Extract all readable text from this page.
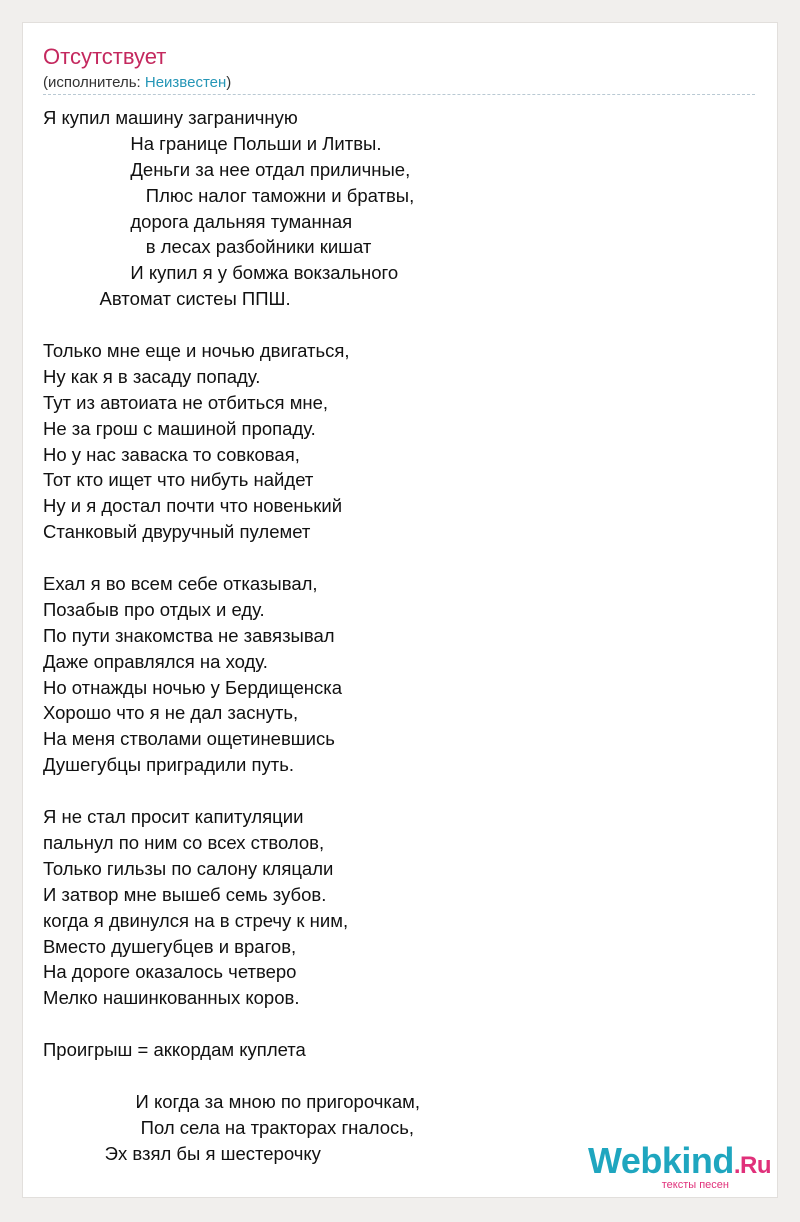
Отсутствует
(исполнитель: Неизвестен)
Я купил машину заграничную
На границе Польши и Литвы.
Деньги за нее отдал приличные,
Плюс налог таможни и братвы,
дорога дальняя туманная
в лесах разбойники кишат
И купил я у бомжа вокзального
Автомат систеы ППШ.
Только мне еще и ночью двигаться,
Ну как я в засаду попаду.
Тут из автоиата не отбиться мне,
Не за грош с машиной пропаду.
Но у нас заваска то совковая,
Тот кто ищет что нибуть найдет
Ну и я достал почти что новенький
Станковый двуручный пулемет
Ехал я во всем себе отказывал,
Позабыв про отдых и еду.
По пути знакомства не завязывал
Даже оправлялся на ходу.
Но отнажды ночью у Бердищенска
Хорошо что я не дал заснуть,
На меня стволами ощетиневшись
Душегубцы приградили путь.
Я не стал просит капитуляции
пальнул по ним со всех стволов,
Только гильзы по салону кляцали
И затвор мне вышеб семь зубов.
когда я двинулся на в стречу к ним,
Вместо душегубцев и врагов,
На дороге оказалось четверо
Мелко нашинкованных коров.
Проигрыш = аккордам куплета
И когда за мною по пригорочкам,
Пол села на тракторах гналось,
Эх взял бы я шестерочку	Webkind.Ru
тексты песен
